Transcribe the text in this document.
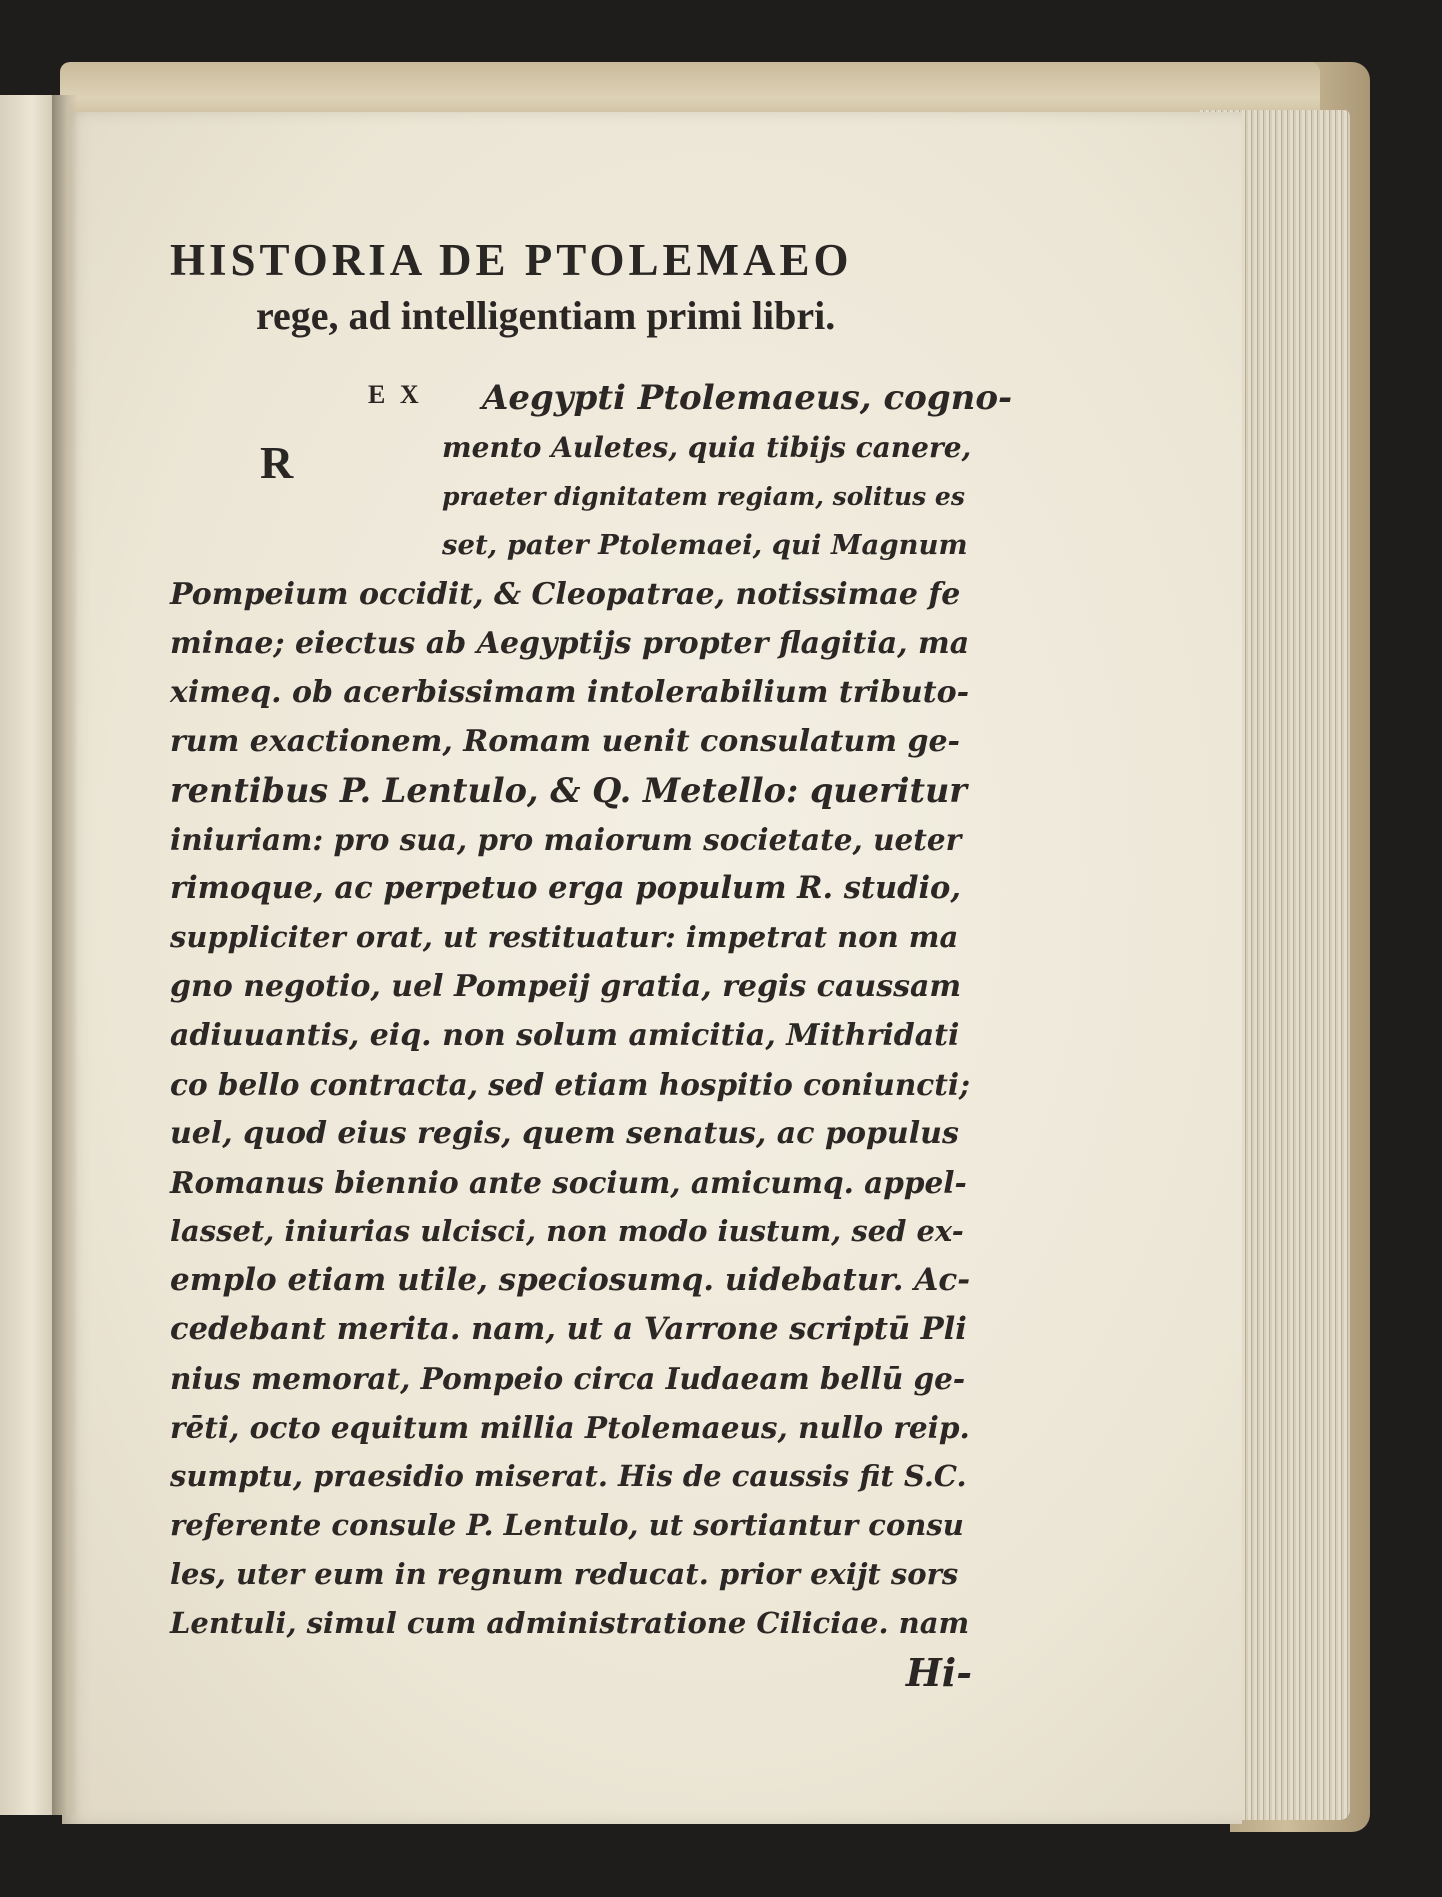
HISTORIA DE PTOLEMAEO
rege, ad intelligentiam primi libri.
R
E X Aegypti Ptolemaeus, cogno-
mento Auletes, quia tibijs canere,
praeter dignitatem regiam, solitus es
set, pater Ptolemaei, qui Magnum
Pompeium occidit, & Cleopatrae, notissimae fe
minae; eiectus ab Aegyptijs propter flagitia, ma
ximeq. ob acerbissimam intolerabilium tributo-
rum exactionem, Romam uenit consulatum ge-
rentibus P. Lentulo, & Q. Metello: queritur
iniuriam: pro sua, pro maiorum societate, ueter
rimoque, ac perpetuo erga populum R. studio,
suppliciter orat, ut restituatur: impetrat non ma
gno negotio, uel Pompeij gratia, regis caussam
adiuuantis, eiq. non solum amicitia, Mithridati
co bello contracta, sed etiam hospitio coniuncti;
uel, quod eius regis, quem senatus, ac populus
Romanus biennio ante socium, amicumq. appel-
lasset, iniurias ulcisci, non modo iustum, sed ex-
emplo etiam utile, speciosumq. uidebatur. Ac-
cedebant merita. nam, ut a Varrone scriptū Pli
nius memorat, Pompeio circa Iudaeam bellū ge-
rēti, octo equitum millia Ptolemaeus, nullo reip.
sumptu, praesidio miserat. His de caussis fit S.C.
referente consule P. Lentulo, ut sortiantur consu
les, uter eum in regnum reducat. prior exijt sors
Lentuli, simul cum administratione Ciliciae. nam
Hi-
